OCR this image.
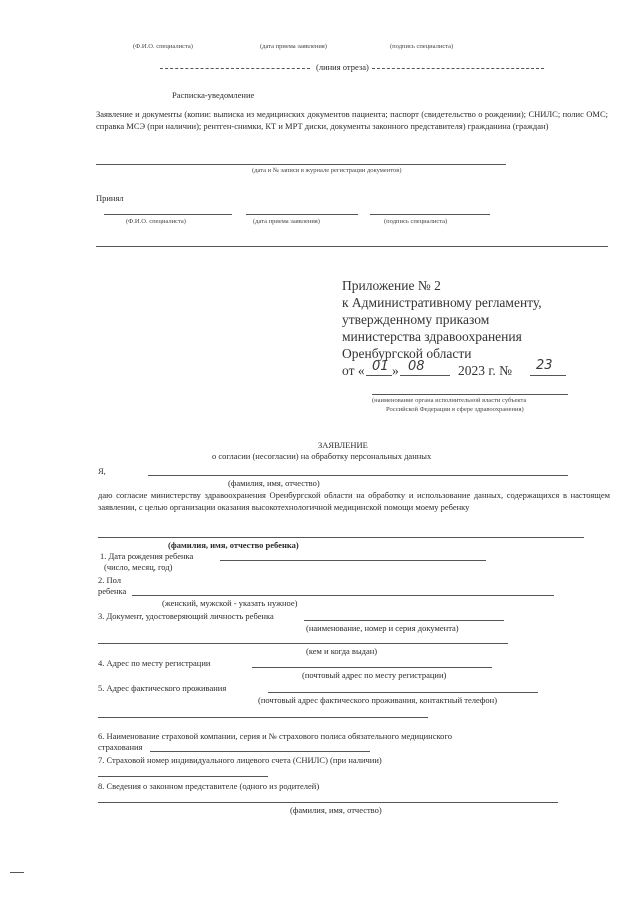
(Ф.И.О. специалиста)	(дата приема заявления)	(подпись специалиста)
(линия отреза)
Расписка-уведомление
Заявление и документы (копии: выписка из медицинских документов пациента; паспорт (свидетельство о рождении); СНИЛС; полис ОМС; справка МСЭ (при наличии); рентген-снимки, КТ и МРТ диски, документы законного представителя) гражданина (граждан)
(дата и № записи в журнале регистрации документов)
Принял
(Ф.И.О. специалиста)	(дата приема заявления)	(подпись специалиста)
Приложение № 2
к Административному регламенту,
утвержденному приказом
министерства здравоохранения
Оренбургской области
от « 01 » 08 2023 г. № 23
(наименование органа исполнительной власти субъекта
Российской Федерации в сфере здравоохранения)
ЗАЯВЛЕНИЕ
о согласии (несогласии) на обработку персональных данных
Я,
(фамилия, имя, отчество)
даю согласие министерству здравоохранения Оренбургской области на обработку и использование данных, содержащихся в настоящем заявлении, с целью организации оказания высокотехнологичной медицинской помощи моему ребенку
(фамилия, имя, отчество ребенка)
1. Дата рождения ребенка
(число, месяц, год)
2. Пол
ребенка
(женский, мужской - указать нужное)
3. Документ, удостоверяющий личность ребенка
(наименование, номер и серия документа)
(кем и когда выдан)
4. Адрес по месту регистрации
(почтовый адрес по месту регистрации)
5. Адрес фактического проживания
(почтовый адрес фактического проживания, контактный телефон)
6. Наименование страховой компании, серия и № страхового полиса обязательного медицинского
страхования
7. Страховой номер индивидуального лицевого счета (СНИЛС) (при наличии)
8. Сведения о законном представителе (одного из родителей)
(фамилия, имя, отчество)
